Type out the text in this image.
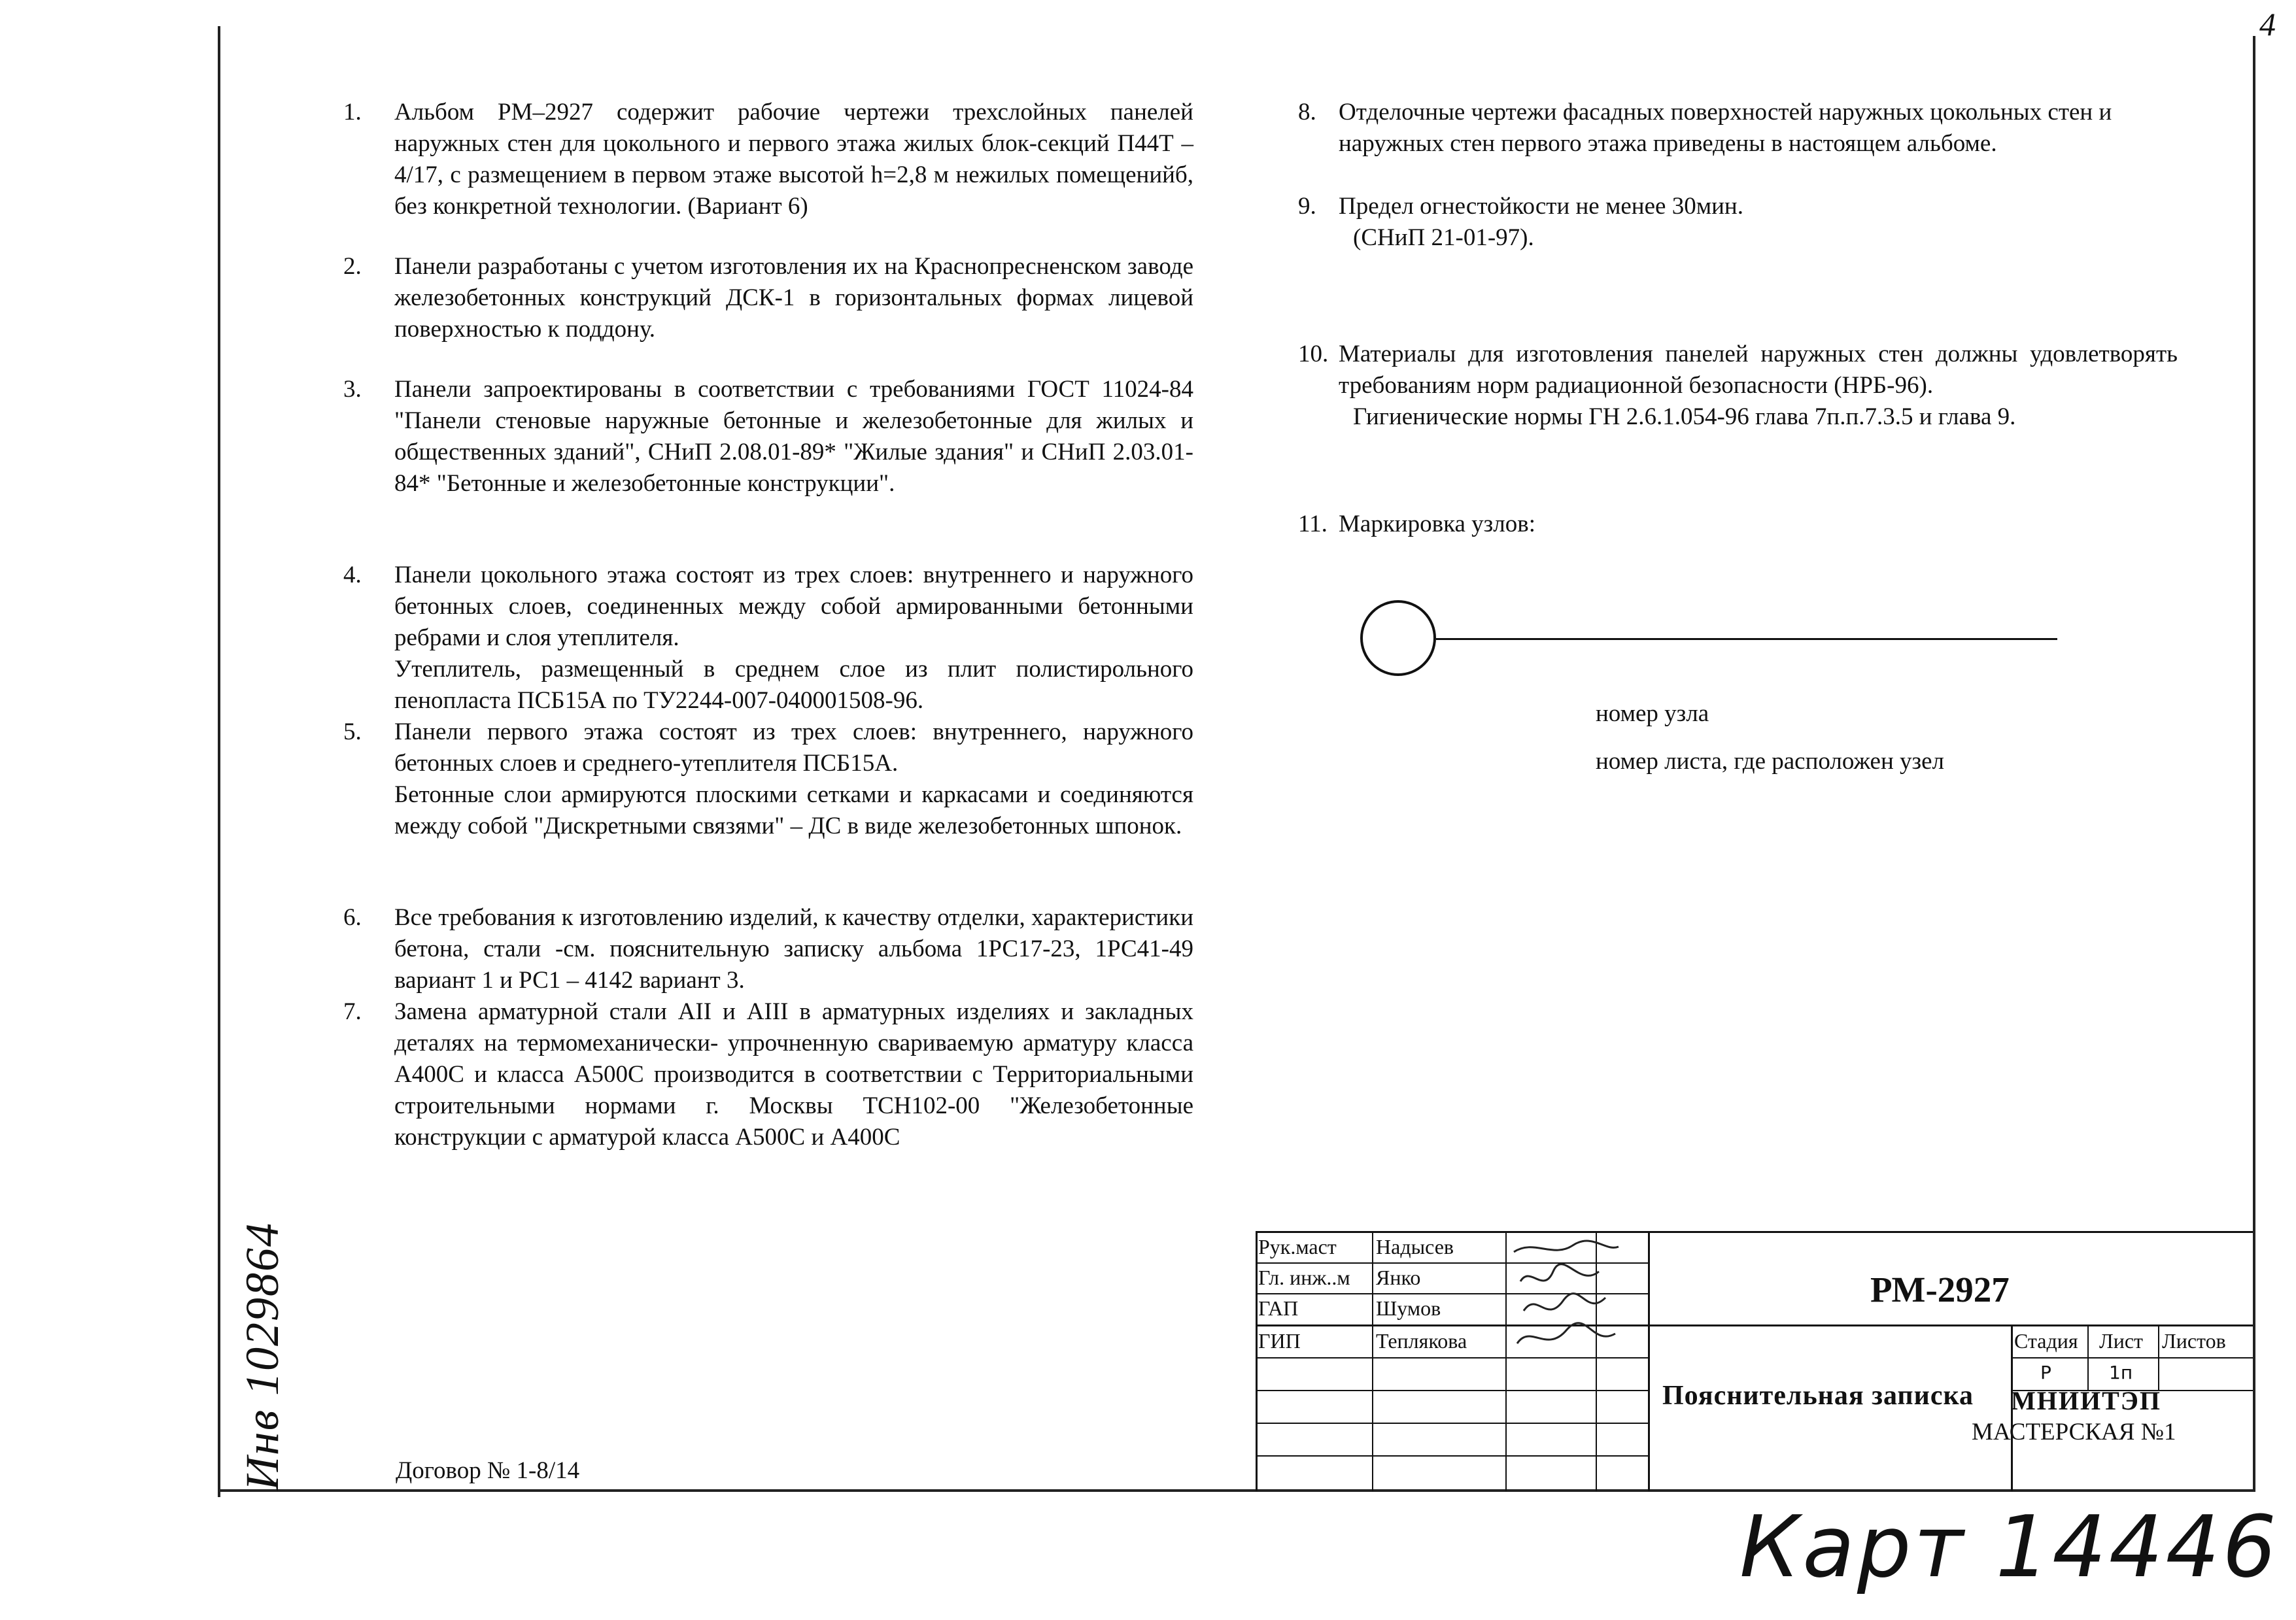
4
1. Альбом РМ–2927 содержит рабочие чертежи трехслойных панелей наружных стен для цокольного и первого этажа жилых блок-секций П44Т –4/17, с размещением в первом этаже высотой h=2,8 м нежилых помещенийб, без конкретной технологии. (Вариант 6)

2. Панели разработаны с учетом изготовления их на Краснопресненском заводе железобетонных конструкций ДСК-1 в горизонтальных формах лицевой поверхностью к поддону.

3. Панели запроектированы в соответствии с требованиями ГОСТ 11024-84 "Панели стеновые наружные бетонные и железобетонные для жилых и общественных зданий", СНиП 2.08.01-89* "Жилые здания" и СНиП 2.03.01-84* "Бетонные и железобетонные конструкции".

4. Панели цокольного этажа состоят из трех слоев: внутреннего и наружного бетонных слоев, соединенных между собой армированными бетонными ребрами и слоя утеплителя.

Утеплитель, размещенный в среднем слое из плит полистирольного пенопласта ПСБ15А по ТУ2244-007-040001508-96.

5. Панели первого этажа состоят из трех слоев: внутреннего, наружного бетонных слоев и среднего-утеплителя ПСБ15А.

Бетонные слои армируются плоскими сетками и каркасами и соединяются между собой "Дискретными связями" – ДС в виде железобетонных шпонок.

6. Все требования к изготовлению изделий, к качеству отделки, характеристики бетона, стали -см. пояснительную записку альбома 1РС17-23, 1РС41-49 вариант 1 и РС1 – 4142 вариант 3.

7. Замена арматурной стали АII и АIII в арматурных изделиях и закладных деталях на термомеханически- упрочненную свариваемую арматуру класса А400С и класса А500С производится в соответствии с Территориальными строительными нормами г. Москвы ТСН102-00 "Железобетонные конструкции с арматурой класса А500С и А400С

8. Отделочные чертежи фасадных поверхностей наружных цокольных стен и наружных стен первого этажа приведены в настоящем альбоме.

9. Предел огнестойкости не менее 30мин.

(СНиП 21-01-97).

10. Материалы для изготовления панелей наружных стен должны удовлетворять требованиям норм радиационной безопасности (НРБ-96).

Гигиенические нормы ГН 2.6.1.054-96 глава 7п.п.7.3.5 и глава 9.

11. Маркировка узлов:

номер узла
номер листа, где расположен узел
Договор № 1-8/14
Инв 1029864
Карт 14446
Рук.маст
Гл. инж..м
ГАП
ГИП
Надысев
Янко
Шумов
Теплякова
РМ-2927
Пояснительная записка
Стадия Лист Листов
Р	1п
МНИИТЭП
МАСТЕРСКАЯ №1
